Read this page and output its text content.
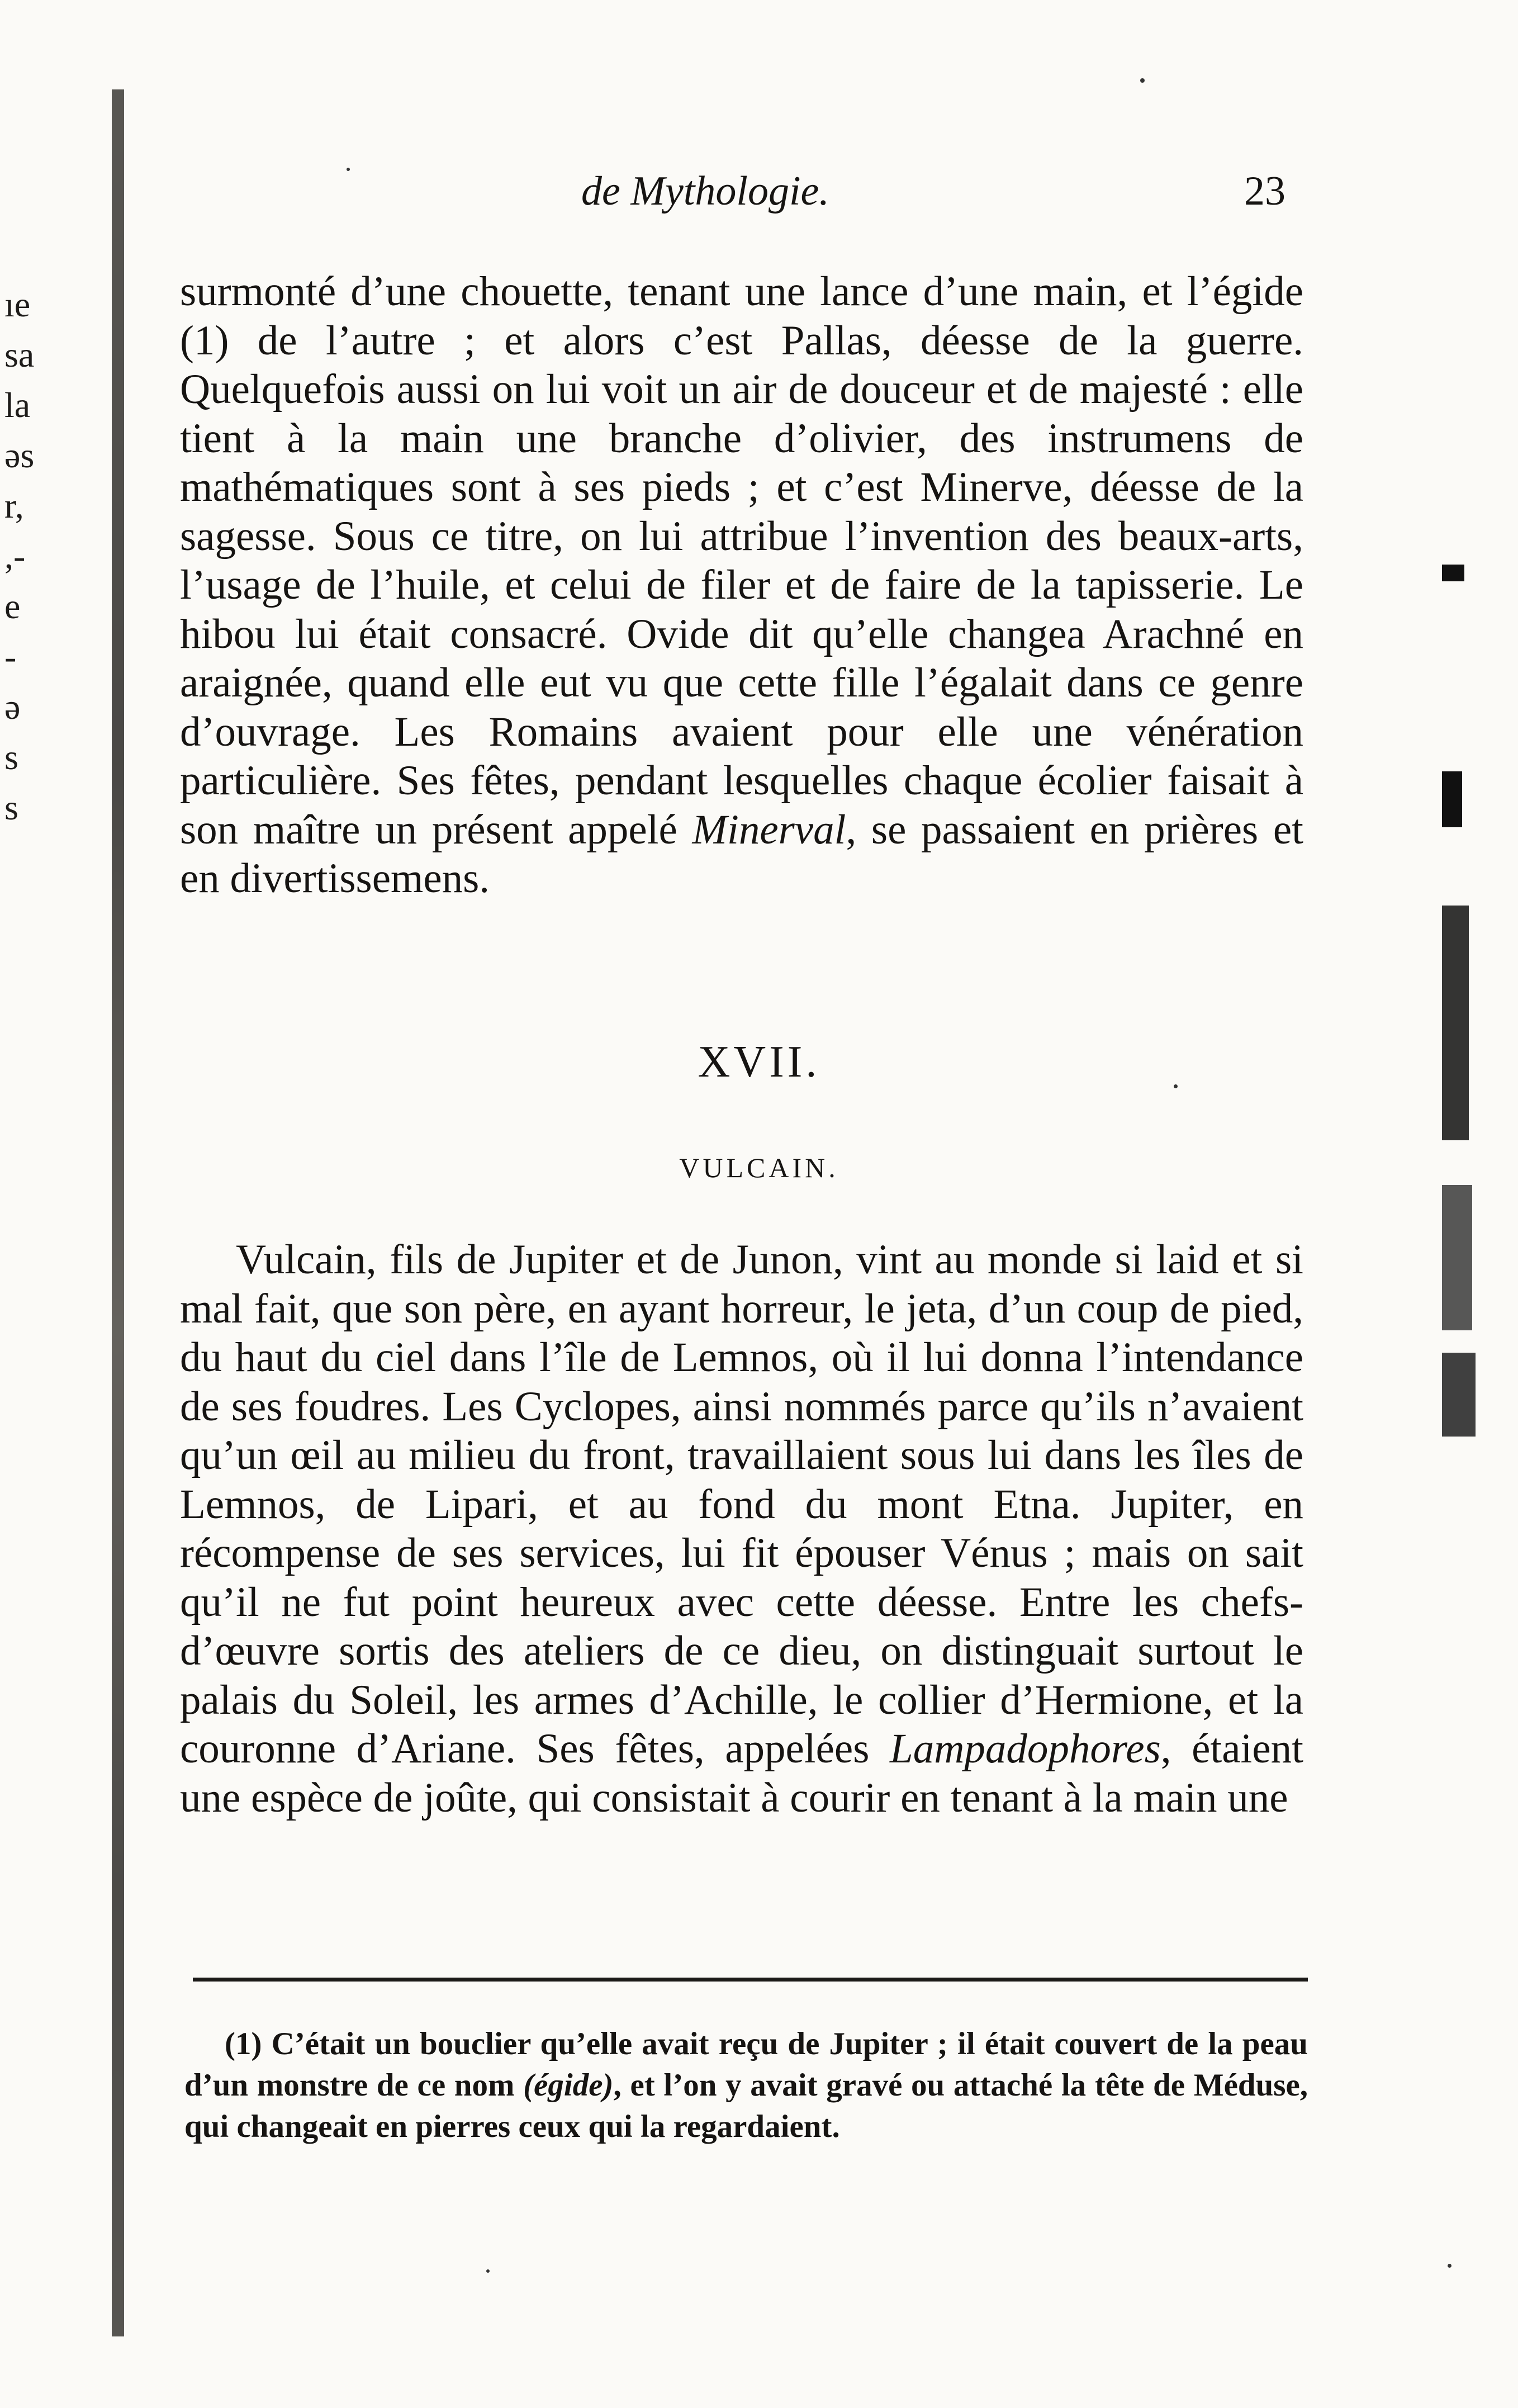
ıe
sa
la
əs
r,
,-
e
-
ə
s
s
de Mythologie.	23

surmonté d’une chouette, tenant une lance d’une main, et l’égide (1) de l’autre ; et alors c’est Pallas, déesse de la guerre. Quelquefois aussi on lui voit un air de douceur et de majesté : elle tient à la main une branche d’olivier, des instrumens de mathématiques sont à ses pieds ; et c’est Minerve, déesse de la sagesse. Sous ce titre, on lui attribue l’invention des beaux-arts, l’usage de l’huile, et celui de filer et de faire de la tapisserie. Le hibou lui était consacré. Ovide dit qu’elle changea Arachné en araignée, quand elle eut vu que cette fille l’égalait dans ce genre d’ouvrage. Les Romains avaient pour elle une vénération particulière. Ses fêtes, pendant lesquelles chaque écolier faisait à son maître un présent appelé Minerval, se passaient en prières et en divertissemens.

XVII.
VULCAIN.

Vulcain, fils de Jupiter et de Junon, vint au monde si laid et si mal fait, que son père, en ayant horreur, le jeta, d’un coup de pied, du haut du ciel dans l’île de Lemnos, où il lui donna l’intendance de ses foudres. Les Cyclopes, ainsi nommés parce qu’ils n’avaient qu’un œil au milieu du front, travaillaient sous lui dans les îles de Lemnos, de Lipari, et au fond du mont Etna. Jupiter, en récompense de ses services, lui fit épouser Vénus ; mais on sait qu’il ne fut point heureux avec cette déesse. Entre les chefs-d’œuvre sortis des ateliers de ce dieu, on distinguait surtout le palais du Soleil, les armes d’Achille, le collier d’Hermione, et la couronne d’Ariane. Ses fêtes, appelées Lampadophores, étaient une espèce de joûte, qui consistait à courir en tenant à la main une

(1) C’était un bouclier qu’elle avait reçu de Jupiter ; il était couvert de la peau d’un monstre de ce nom (égide), et l’on y avait gravé ou attaché la tête de Méduse, qui changeait en pierres ceux qui la regardaient.
